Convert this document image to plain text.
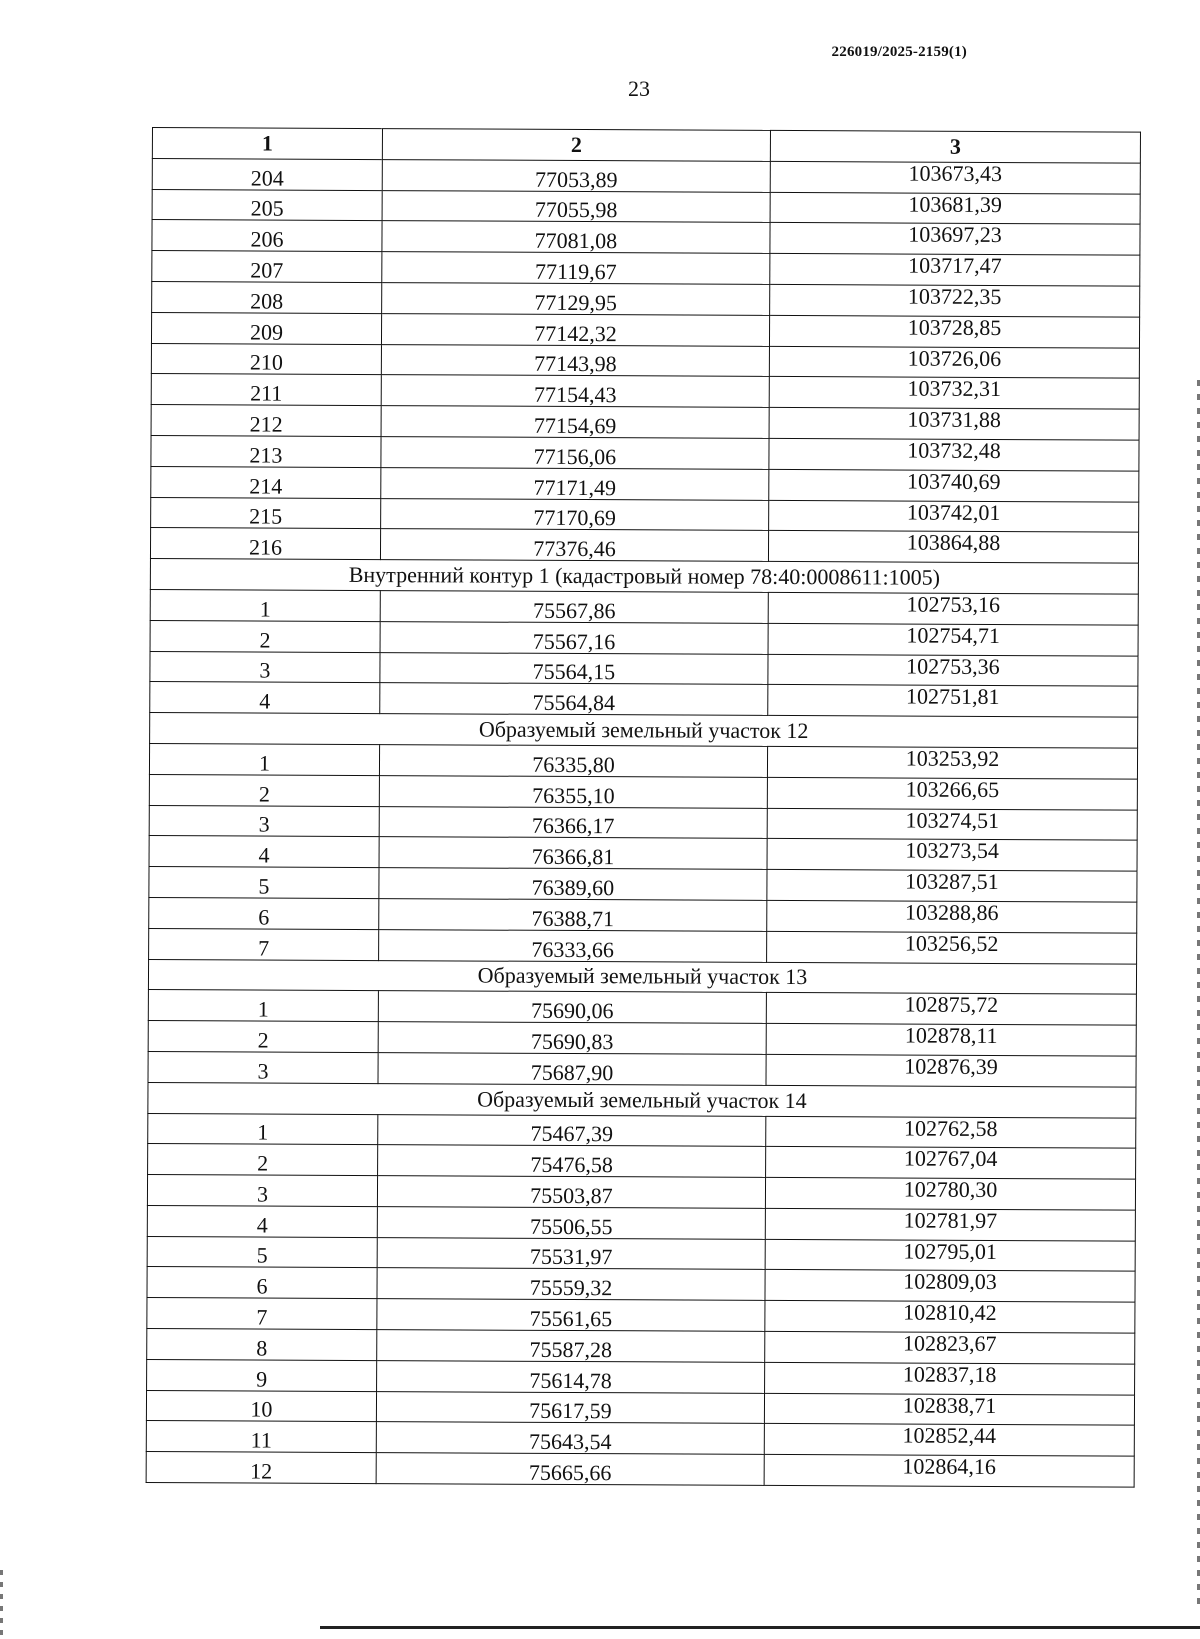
226019/2025-2159(1)
23
1	2	3
204	77053,89	103673,43
205	77055,98	103681,39
206	77081,08	103697,23
207	77119,67	103717,47
208	77129,95	103722,35
209	77142,32	103728,85
210	77143,98	103726,06
211	77154,43	103732,31
212	77154,69	103731,88
213	77156,06	103732,48
214	77171,49	103740,69
215	77170,69	103742,01
216	77376,46	103864,88
Внутренний контур 1 (кадастровый номер 78:40:0008611:1005)		
1	75567,86	102753,16
2	75567,16	102754,71
3	75564,15	102753,36
4	75564,84	102751,81
Образуемый земельный участок 12		
1	76335,80	103253,92
2	76355,10	103266,65
3	76366,17	103274,51
4	76366,81	103273,54
5	76389,60	103287,51
6	76388,71	103288,86
7	76333,66	103256,52
Образуемый земельный участок 13		
1	75690,06	102875,72
2	75690,83	102878,11
3	75687,90	102876,39
Образуемый земельный участок 14		
1	75467,39	102762,58
2	75476,58	102767,04
3	75503,87	102780,30
4	75506,55	102781,97
5	75531,97	102795,01
6	75559,32	102809,03
7	75561,65	102810,42
8	75587,28	102823,67
9	75614,78	102837,18
10	75617,59	102838,71
11	75643,54	102852,44
12	75665,66	102864,16
